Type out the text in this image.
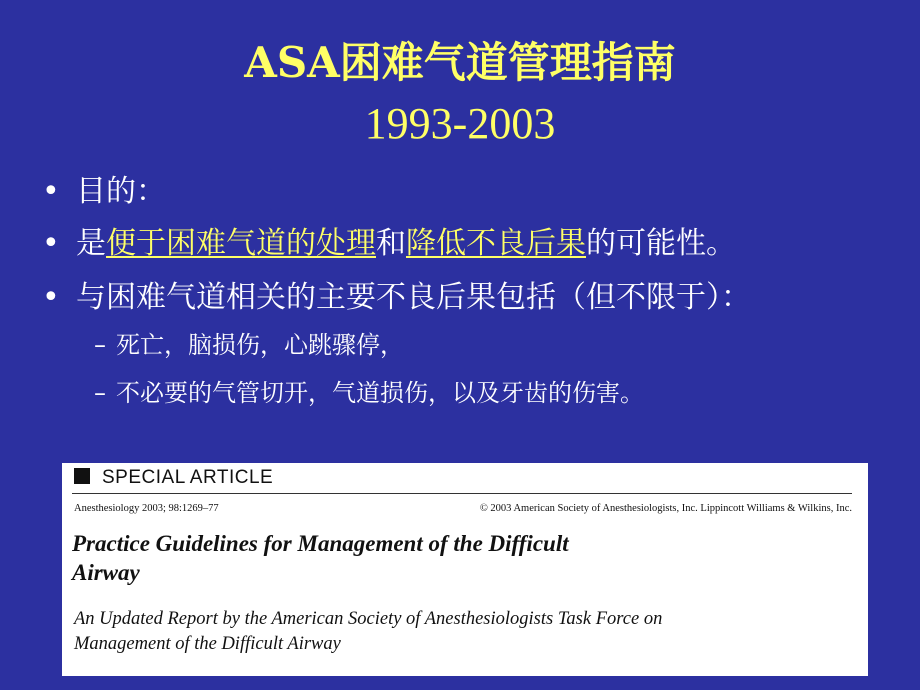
ASA困难气道管理指南
1993-2003
• 目的：
• 是便于困难气道的处理和降低不良后果的可能性。
• 与困难气道相关的主要不良后果包括（但不限于）：
– 死亡，脑损伤，心跳骤停，
– 不必要的气管切开，气道损伤，以及牙齿的伤害。
SPECIAL ARTICLE
Anesthesiology 2003; 98:1269–77	© 2003 American Society of Anesthesiologists, Inc. Lippincott Williams & Wilkins, Inc.
Practice Guidelines for Management of the Difficult
Airway
An Updated Report by the American Society of Anesthesiologists Task Force on
Management of the Difficult Airway
